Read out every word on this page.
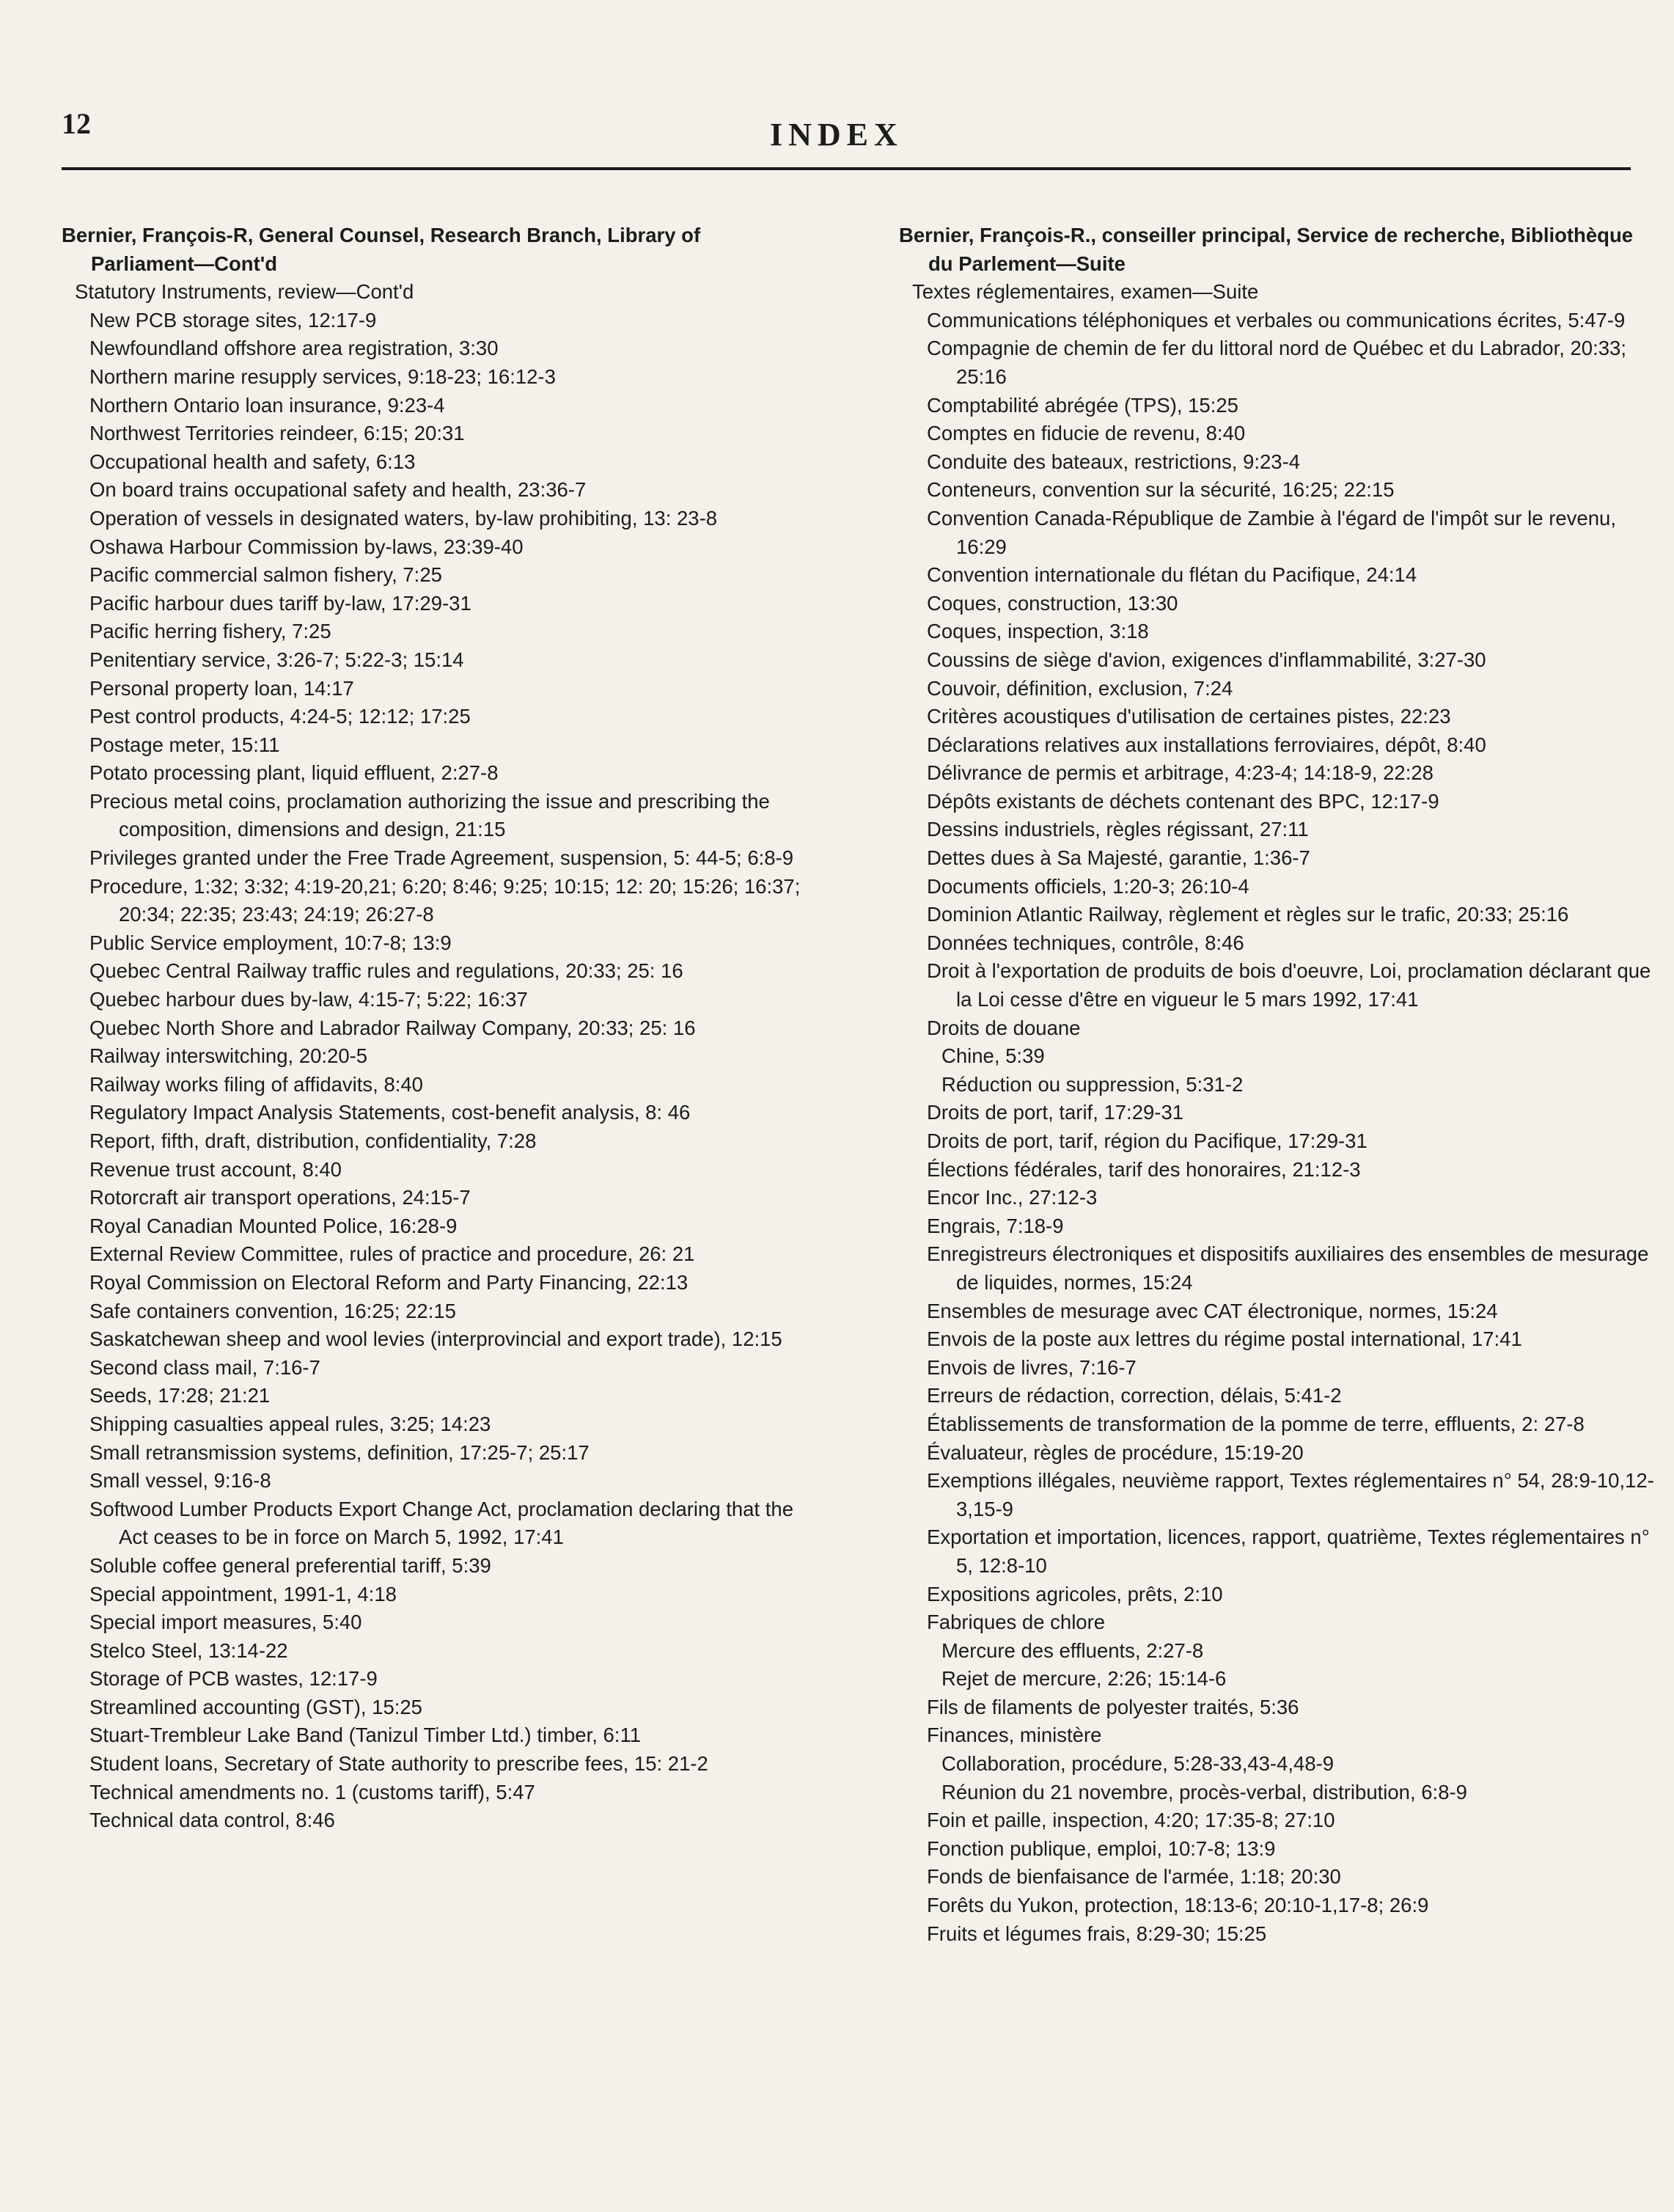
12	INDEX

Bernier, François-R, General Counsel, Research Branch, Library of Parliament—Cont'd

Statutory Instruments, review—Cont'd

New PCB storage sites, 12:17-9

Newfoundland offshore area registration, 3:30

Northern marine resupply services, 9:18-23; 16:12-3

Northern Ontario loan insurance, 9:23-4

Northwest Territories reindeer, 6:15; 20:31

Occupational health and safety, 6:13

On board trains occupational safety and health, 23:36-7

Operation of vessels in designated waters, by-law prohibiting, 13: 23-8

Oshawa Harbour Commission by-laws, 23:39-40

Pacific commercial salmon fishery, 7:25

Pacific harbour dues tariff by-law, 17:29-31

Pacific herring fishery, 7:25

Penitentiary service, 3:26-7; 5:22-3; 15:14

Personal property loan, 14:17

Pest control products, 4:24-5; 12:12; 17:25

Postage meter, 15:11

Potato processing plant, liquid effluent, 2:27-8

Precious metal coins, proclamation authorizing the issue and prescribing the composition, dimensions and design, 21:15

Privileges granted under the Free Trade Agreement, suspension, 5: 44-5; 6:8-9

Procedure, 1:32; 3:32; 4:19-20,21; 6:20; 8:46; 9:25; 10:15; 12: 20; 15:26; 16:37; 20:34; 22:35; 23:43; 24:19; 26:27-8

Public Service employment, 10:7-8; 13:9

Quebec Central Railway traffic rules and regulations, 20:33; 25: 16

Quebec harbour dues by-law, 4:15-7; 5:22; 16:37

Quebec North Shore and Labrador Railway Company, 20:33; 25: 16

Railway interswitching, 20:20-5

Railway works filing of affidavits, 8:40

Regulatory Impact Analysis Statements, cost-benefit analysis, 8: 46

Report, fifth, draft, distribution, confidentiality, 7:28

Revenue trust account, 8:40

Rotorcraft air transport operations, 24:15-7

Royal Canadian Mounted Police, 16:28-9

External Review Committee, rules of practice and procedure, 26: 21

Royal Commission on Electoral Reform and Party Financing, 22:13

Safe containers convention, 16:25; 22:15

Saskatchewan sheep and wool levies (interprovincial and export trade), 12:15

Second class mail, 7:16-7

Seeds, 17:28; 21:21

Shipping casualties appeal rules, 3:25; 14:23

Small retransmission systems, definition, 17:25-7; 25:17

Small vessel, 9:16-8

Softwood Lumber Products Export Change Act, proclamation declaring that the Act ceases to be in force on March 5, 1992, 17:41

Soluble coffee general preferential tariff, 5:39

Special appointment, 1991-1, 4:18

Special import measures, 5:40

Stelco Steel, 13:14-22

Storage of PCB wastes, 12:17-9

Streamlined accounting (GST), 15:25

Stuart-Trembleur Lake Band (Tanizul Timber Ltd.) timber, 6:11

Student loans, Secretary of State authority to prescribe fees, 15: 21-2

Technical amendments no. 1 (customs tariff), 5:47

Technical data control, 8:46

Bernier, François-R., conseiller principal, Service de recherche, Bibliothèque du Parlement—Suite

Textes réglementaires, examen—Suite

Communications téléphoniques et verbales ou communications écrites, 5:47-9

Compagnie de chemin de fer du littoral nord de Québec et du Labrador, 20:33; 25:16

Comptabilité abrégée (TPS), 15:25

Comptes en fiducie de revenu, 8:40

Conduite des bateaux, restrictions, 9:23-4

Conteneurs, convention sur la sécurité, 16:25; 22:15

Convention Canada-République de Zambie à l'égard de l'impôt sur le revenu, 16:29

Convention internationale du flétan du Pacifique, 24:14

Coques, construction, 13:30

Coques, inspection, 3:18

Coussins de siège d'avion, exigences d'inflammabilité, 3:27-30

Couvoir, définition, exclusion, 7:24

Critères acoustiques d'utilisation de certaines pistes, 22:23

Déclarations relatives aux installations ferroviaires, dépôt, 8:40

Délivrance de permis et arbitrage, 4:23-4; 14:18-9, 22:28

Dépôts existants de déchets contenant des BPC, 12:17-9

Dessins industriels, règles régissant, 27:11

Dettes dues à Sa Majesté, garantie, 1:36-7

Documents officiels, 1:20-3; 26:10-4

Dominion Atlantic Railway, règlement et règles sur le trafic, 20:33; 25:16

Données techniques, contrôle, 8:46

Droit à l'exportation de produits de bois d'oeuvre, Loi, proclamation déclarant que la Loi cesse d'être en vigueur le 5 mars 1992, 17:41

Droits de douane

Chine, 5:39

Réduction ou suppression, 5:31-2

Droits de port, tarif, 17:29-31

Droits de port, tarif, région du Pacifique, 17:29-31

Élections fédérales, tarif des honoraires, 21:12-3

Encor Inc., 27:12-3

Engrais, 7:18-9

Enregistreurs électroniques et dispositifs auxiliaires des ensembles de mesurage de liquides, normes, 15:24

Ensembles de mesurage avec CAT électronique, normes, 15:24

Envois de la poste aux lettres du régime postal international, 17:41

Envois de livres, 7:16-7

Erreurs de rédaction, correction, délais, 5:41-2

Établissements de transformation de la pomme de terre, effluents, 2: 27-8

Évaluateur, règles de procédure, 15:19-20

Exemptions illégales, neuvième rapport, Textes réglementaires n° 54, 28:9-10,12-3,15-9

Exportation et importation, licences, rapport, quatrième, Textes réglementaires n° 5, 12:8-10

Expositions agricoles, prêts, 2:10

Fabriques de chlore

Mercure des effluents, 2:27-8

Rejet de mercure, 2:26; 15:14-6

Fils de filaments de polyester traités, 5:36

Finances, ministère

Collaboration, procédure, 5:28-33,43-4,48-9

Réunion du 21 novembre, procès-verbal, distribution, 6:8-9

Foin et paille, inspection, 4:20; 17:35-8; 27:10

Fonction publique, emploi, 10:7-8; 13:9

Fonds de bienfaisance de l'armée, 1:18; 20:30

Forêts du Yukon, protection, 18:13-6; 20:10-1,17-8; 26:9

Fruits et légumes frais, 8:29-30; 15:25
